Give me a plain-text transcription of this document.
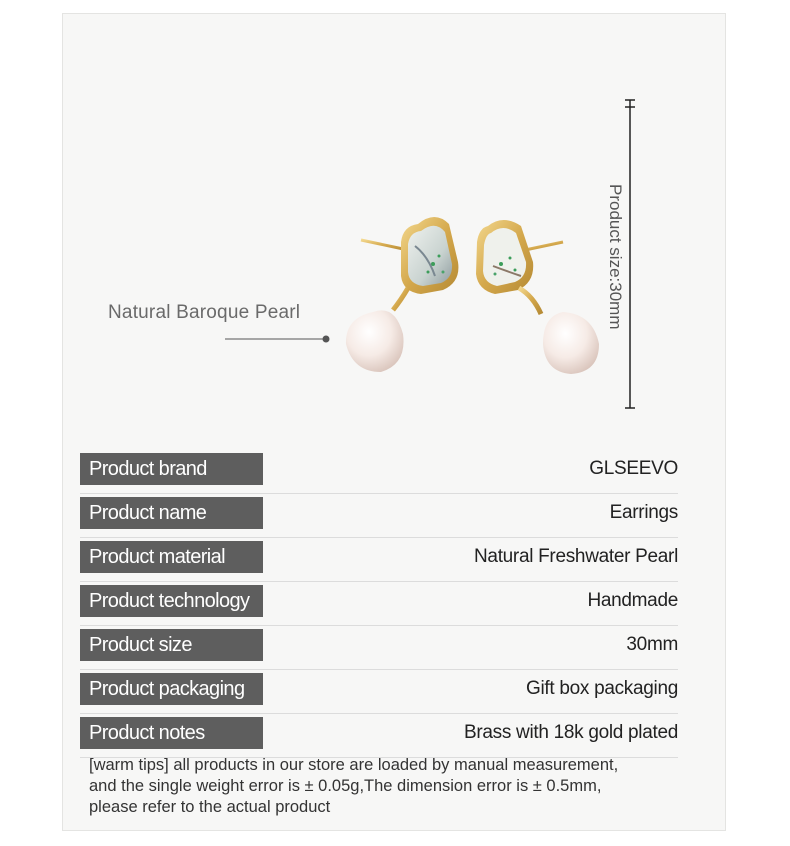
Natural Baroque Pearl	Product size:30mm
Product brand	GLSEEVO
Product name	Earrings
Product material	Natural Freshwater Pearl
Product technology	Handmade
Product size	30mm
Product packaging	Gift box packaging
Product notes	Brass with 18k gold plated
[warm tips] all products in our store are loaded by manual measurement,
and the single weight error is ± 0.05g,The dimension error is ± 0.5mm,
please refer to the actual product
